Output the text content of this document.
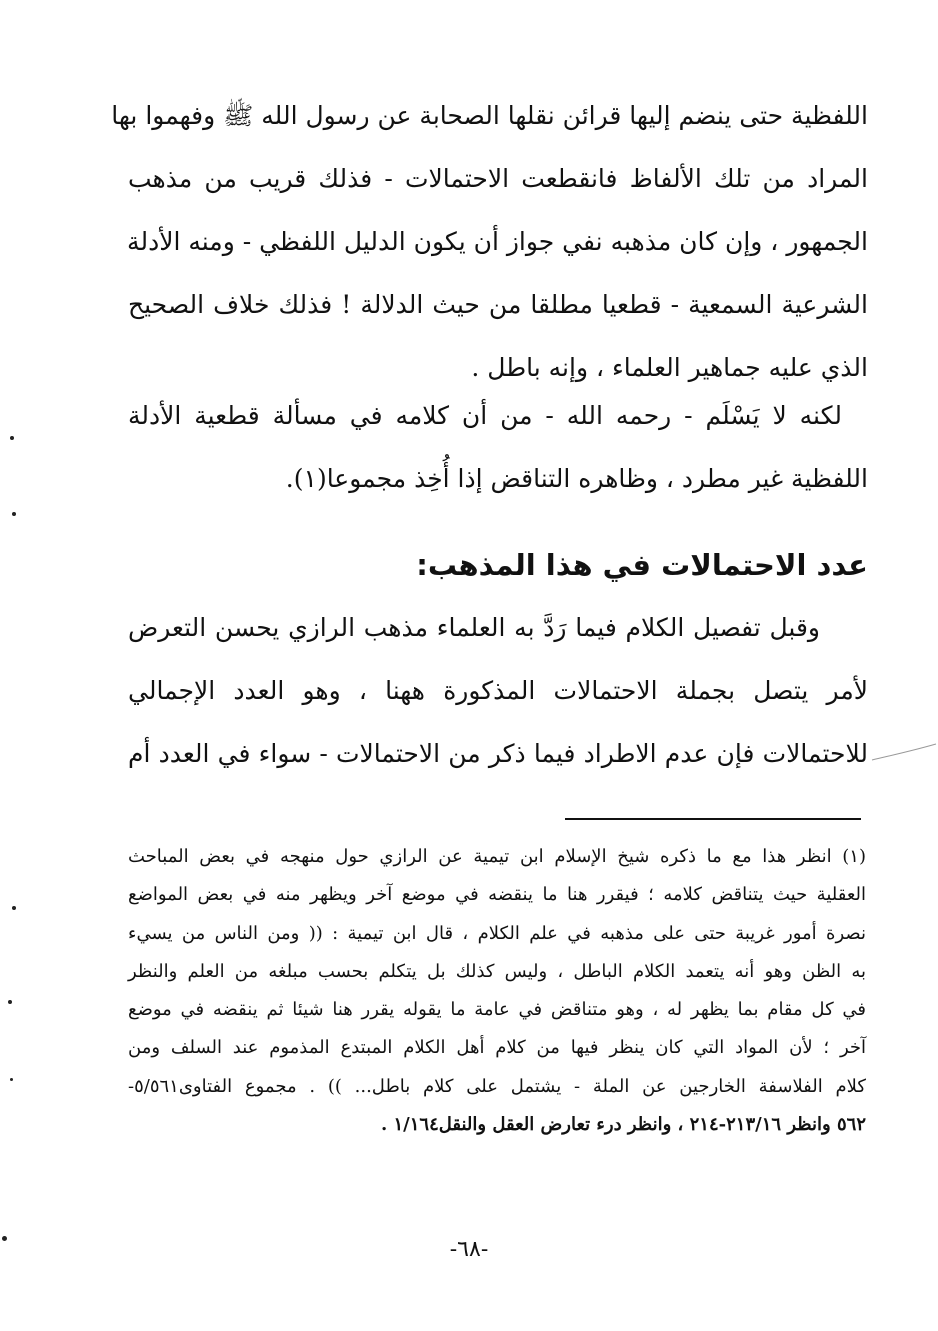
اللفظية حتى ينضم إليها قرائن نقلها الصحابة عن رسول الله ﷺ وفهموا بها
المراد من تلك الألفاظ فانقطعت الاحتمالات - فذلك قريب من مذهب
الجمهور ، وإن كان مذهبه نفي جواز أن يكون الدليل اللفظي - ومنه الأدلة
الشرعية السمعية - قطعيا مطلقا من حيث الدلالة ! فذلك خلاف الصحيح
الذي عليه جماهير العلماء ، وإنه باطل .
لكنه لا يَسْلَم - رحمه الله - من أن كلامه في مسألة قطعية الأدلة
اللفظية غير مطرد ، وظاهره التناقض إذا أُخِذ مجموعا(١).
عدد الاحتمالات في هذا المذهب:
وقبل تفصيل الكلام فيما رَدَّ به العلماء مذهب الرازي يحسن التعرض
لأمر يتصل بجملة الاحتمالات المذكورة ههنا ، وهو العدد الإجمالي
للاحتمالات فإن عدم الاطراد فيما ذكر من الاحتمالات - سواء في العدد أم
(١) انظر هذا مع ما ذكره شيخ الإسلام ابن تيمية عن الرازي حول منهجه في بعض المباحث
العقلية حيث يتناقض كلامه ؛ فيقرر هنا ما ينقضه في موضع آخر ويظهر منه في بعض المواضع
نصرة أمور غريبة حتى على مذهبه في علم الكلام ، قال ابن تيمية : (( ومن الناس من يسيء
به الظن وهو أنه يتعمد الكلام الباطل ، وليس كذلك بل يتكلم بحسب مبلغه من العلم والنظر
في كل مقام بما يظهر له ، وهو متناقض في عامة ما يقوله يقرر هنا شيئا ثم ينقضه في موضع
آخر ؛ لأن المواد التي كان ينظر فيها من كلام أهل الكلام المبتدع المذموم عند السلف ومن
كلام الفلاسفة الخارجين عن الملة - يشتمل على كلام باطل... )) . مجموع الفتاوى٥/٥٦١-
٥٦٢ وانظر ٢١٣/١٦-٢١٤ ، وانظر درء تعارض العقل والنقل١/١٦٤ .
-٦٨-
